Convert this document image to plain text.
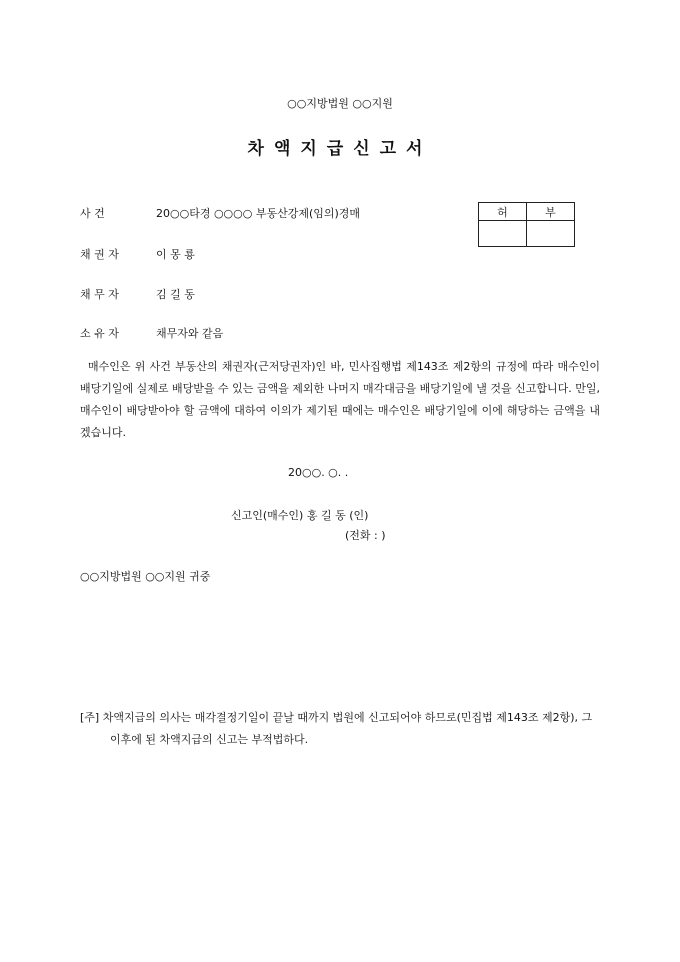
○○지방법원 ○○지원
차액지급신고서
사 건	20○○타경 ○○○○ 부동산강제(임의)경매
채 권 자	이 몽 룡
채 무 자	김 길 동
소 유 자	채무자와 같음
허	부

매수인은 위 사건 부동산의 채권자(근저당권자)인 바, 민사집행법 제143조 제2항의 규정에 따라 매수인이 배당기일에 실제로 배당받을 수 있는 금액을 제외한 나머지 매각대금을 배당기일에 낼 것을 신고합니다. 만일, 매수인이 배당받아야 할 금액에 대하여 이의가 제기된 때에는 매수인은 배당기일에 이에 해당하는 금액을 내겠습니다.
20○○. ○. .
신고인(매수인) 홍 길 동 (인)
(전화 : )
○○지방법원 ○○지원 귀중
[주] 차액지급의 의사는 매각결정기일이 끝날 때까지 법원에 신고되어야 하므로(민집법 제143조 제2항), 그 이후에 된 차액지급의 신고는 부적법하다.
